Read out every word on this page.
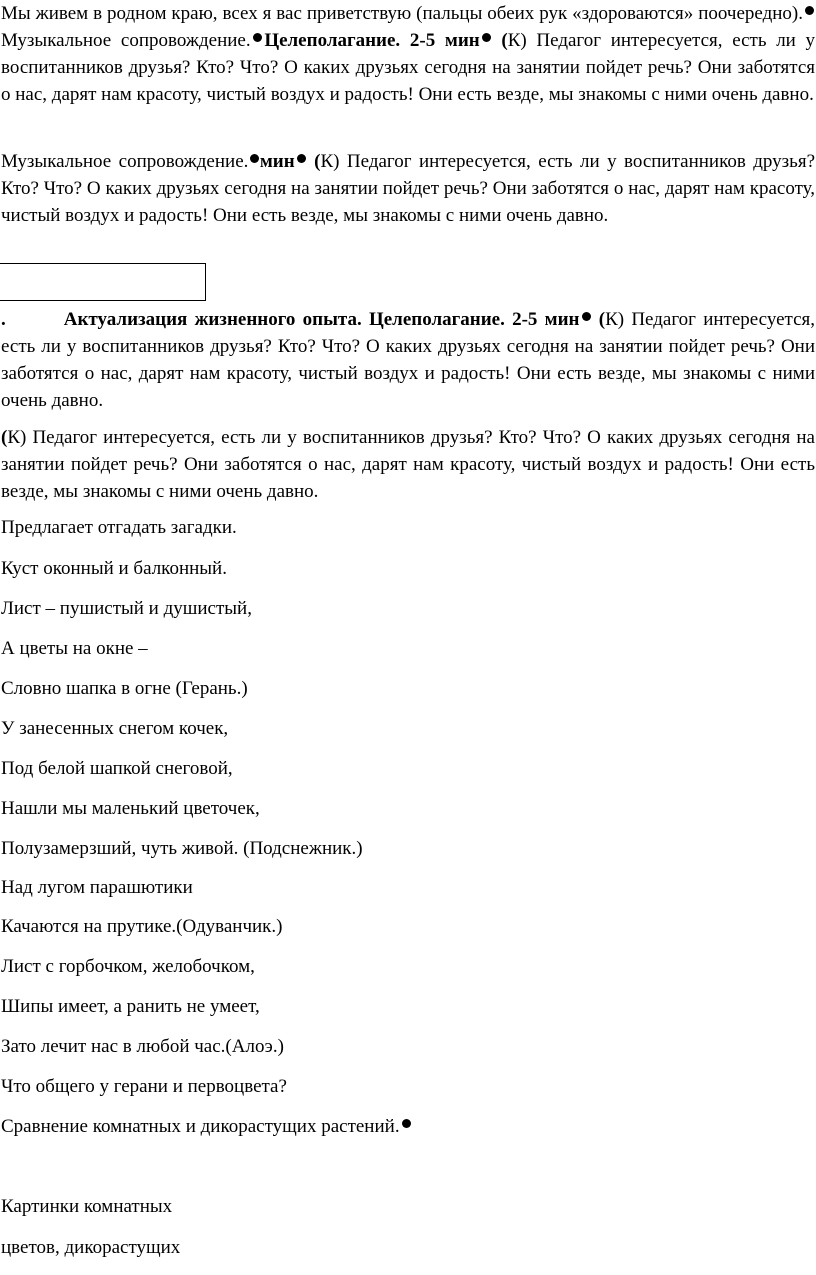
Мы живем в родном краю, всех я вас приветствую (пальцы обеих рук «здороваются» поочередно). Музыкальное сопровождение. Целеполагание. 2-5 мин (К) Педагог интересуется, есть ли у воспитанников друзья? Кто? Что? О каких друзьях сегодня на занятии пойдет речь? Они заботятся о нас, дарят нам красоту, чистый воздух и радость! Они есть везде, мы знакомы с ними очень давно.

Музыкальное сопровождение. мин (К) Педагог интересуется, есть ли у воспитанников друзья? Кто? Что? О каких друзьях сегодня на занятии пойдет речь? Они заботятся о нас, дарят нам красоту, чистый воздух и радость! Они есть везде, мы знакомы с ними очень давно.

.	Актуализация жизненного опыта. Целеполагание. 2-5 мин (К) Педагог интересуется, есть ли у воспитанников друзья? Кто? Что? О каких друзьях сегодня на занятии пойдет речь? Они заботятся о нас, дарят нам красоту, чистый воздух и радость! Они есть везде, мы знакомы с ними очень давно.

(К) Педагог интересуется, есть ли у воспитанников друзья? Кто? Что? О каких друзьях сегодня на занятии пойдет речь? Они заботятся о нас, дарят нам красоту, чистый воздух и радость! Они есть везде, мы знакомы с ними очень давно.

Предлагает отгадать загадки.

Куст оконный и балконный.

Лист – пушистый и душистый,

А цветы на окне –

Словно шапка в огне (Герань.)

У занесенных снегом кочек,

Под белой шапкой снеговой,

Нашли мы маленький цветочек,

Полузамерзший, чуть живой. (Подснежник.)

Над лугом парашютики

Качаются на прутике.(Одуванчик.)

Лист с горбочком, желобочком,

Шипы имеет, а ранить не умеет,

Зато лечит нас в любой час.(Алоэ.)

Что общего у герани и первоцвета?

Сравнение комнатных и дикорастущих растений.

Картинки комнатных

цветов, дикорастущих
